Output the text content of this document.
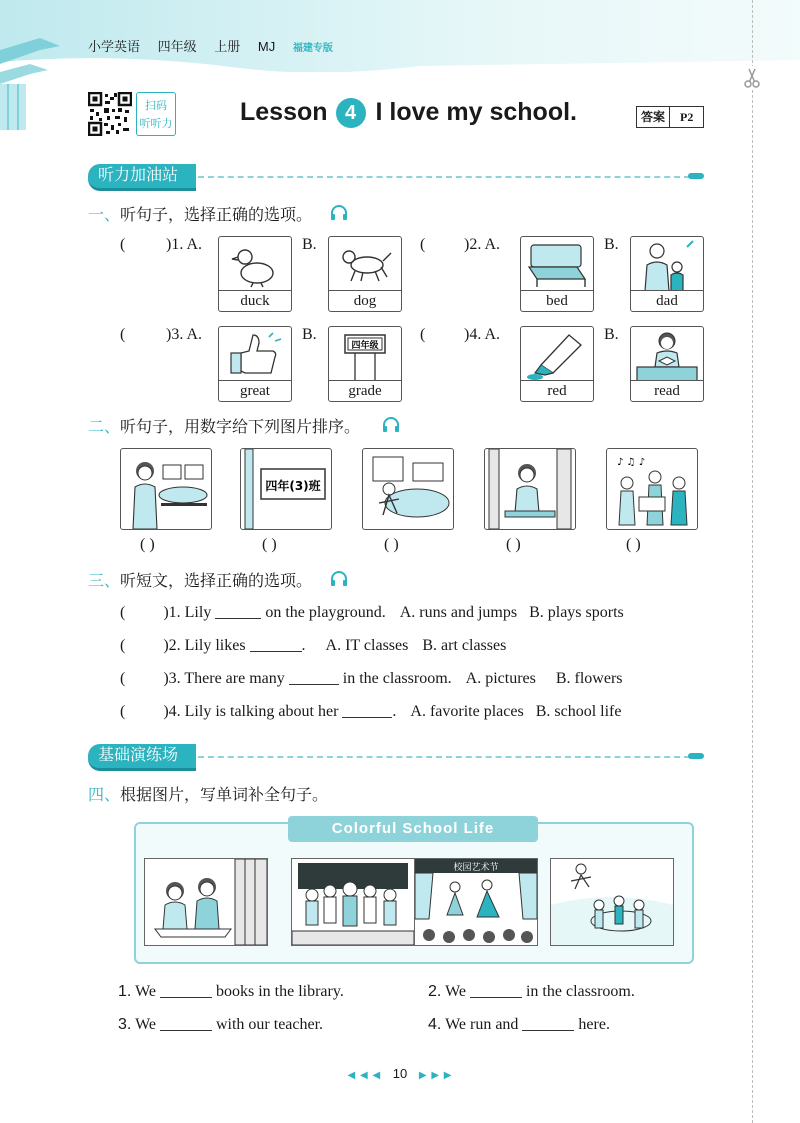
小学英语 四年级 上册 MJ 福建专版
扫码
听听力	Lesson 4 I love my school.	答案	P2
听力加油站
一、听句子，选择正确的选项。
(	)1. A.
duck
B.
dog
( )2. A.
bed
B.
dad
(	)3. A.
great
B.
四年级
grade
( )4. A.
red
B.
read
二、听句子，用数字给下列图片排序。
四年(3)班
♪ ♫ ♪
( )	( )	( )	( )	( )
三、听短文，选择正确的选项。
( )1. Lily	on the playground. A. runs and jumps B. plays sports
( )2. Lily likes	. A. IT classes B. art classes
( )3. There are many	in the classroom. A. pictures B. flowers
( )4. Lily is talking about her	. A. favorite places B. school life
基础演练场
四、根据图片，写单词补全句子。
Colorful School Life
校园艺术节
1. We	books in the library.	2. We	in the classroom.
3. We	with our teacher.	4. We run and	here.
◀ ◀ ◀ 10 ▶ ▶ ▶
